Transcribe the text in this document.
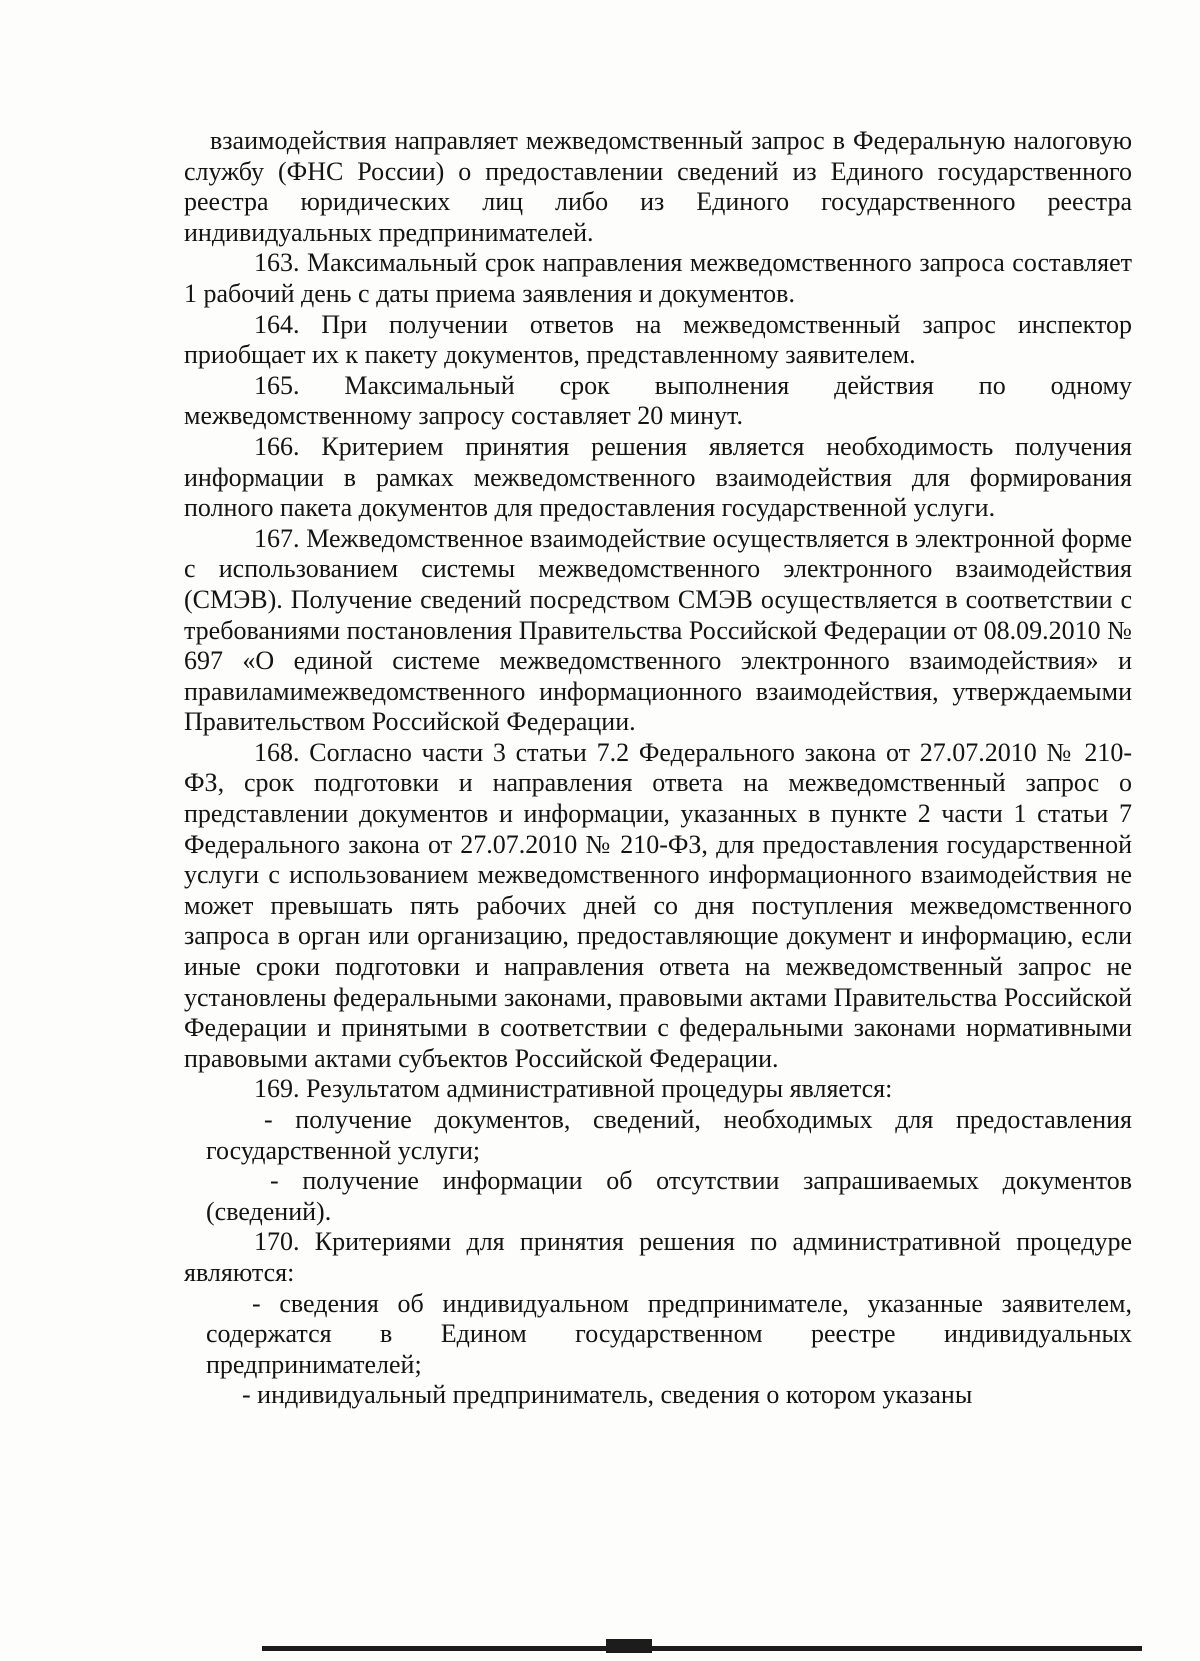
взаимодействия направляет межведомственный запрос в Федеральную налоговую службу (ФНС России) о предоставлении сведений из Единого государственного реестра юридических лиц либо из Единого государственного реестра индивидуальных предпринимателей.

163. Максимальный срок направления межведомственного запроса составляет 1 рабочий день с даты приема заявления и документов.

164. При получении ответов на межведомственный запрос инспектор приобщает их к пакету документов, представленному заявителем.

165. Максимальный срок выполнения действия по одному межведомственному запросу составляет 20 минут.

166. Критерием принятия решения является необходимость получения информации в рамках межведомственного взаимодействия для формирования полного пакета документов для предоставления государственной услуги.

167. Межведомственное взаимодействие осуществляется в электронной форме с использованием системы межведомственного электронного взаимодействия (СМЭВ). Получение сведений посредством СМЭВ осуществляется в соответствии с требованиями постановления Правительства Российской Федерации от 08.09.2010 № 697 «О единой системе межведомственного электронного взаимодействия» и правиламимежведомственного информационного взаимодействия, утверждаемыми Правительством Российской Федерации.

168. Согласно части 3 статьи 7.2 Федерального закона от 27.07.2010 № 210-ФЗ, срок подготовки и направления ответа на межведомственный запрос о представлении документов и информации, указанных в пункте 2 части 1 статьи 7 Федерального закона от 27.07.2010 № 210-ФЗ, для предоставления государственной услуги с использованием межведомственного информационного взаимодействия не может превышать пять рабочих дней со дня поступления межведомственного запроса в орган или организацию, предоставляющие документ и информацию, если иные сроки подготовки и направления ответа на межведомственный запрос не установлены федеральными законами, правовыми актами Правительства Российской Федерации и принятыми в соответствии с федеральными законами нормативными правовыми актами субъектов Российской Федерации.

169. Результатом административной процедуры является:

- получение документов, сведений, необходимых для предоставления государственной услуги;

- получение информации об отсутствии запрашиваемых документов (сведений).

170. Критериями для принятия решения по административной процедуре являются:

- сведения об индивидуальном предпринимателе, указанные заявителем, содержатся в Едином государственном реестре индивидуальных предпринимателей;

- индивидуальный предприниматель, сведения о котором указаны
